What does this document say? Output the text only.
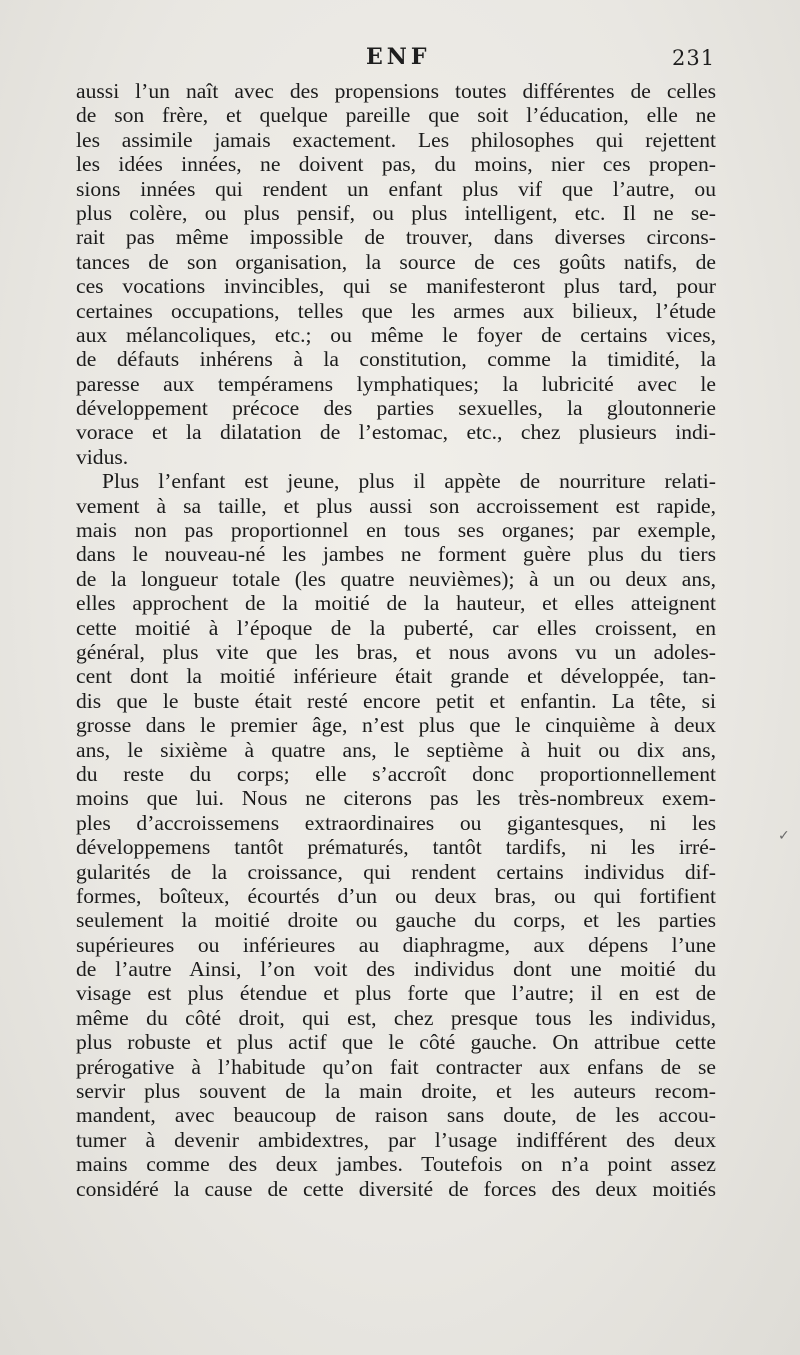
ENF	231
aussi l’un naît avec des propensions toutes différentes de celles
de son frère, et quelque pareille que soit l’éducation, elle ne
les assimile jamais exactement. Les philosophes qui rejettent
les idées innées, ne doivent pas, du moins, nier ces propen-
sions innées qui rendent un enfant plus vif que l’autre, ou
plus colère, ou plus pensif, ou plus intelligent, etc. Il ne se-
rait pas même impossible de trouver, dans diverses circons-
tances de son organisation, la source de ces goûts natifs, de
ces vocations invincibles, qui se manifesteront plus tard, pour
certaines occupations, telles que les armes aux bilieux, l’étude
aux mélancoliques, etc.; ou même le foyer de certains vices,
de défauts inhérens à la constitution, comme la timidité, la
paresse aux tempéramens lymphatiques; la lubricité avec le
développement précoce des parties sexuelles, la gloutonnerie
vorace et la dilatation de l’estomac, etc., chez plusieurs indi-
vidus.
Plus l’enfant est jeune, plus il appète de nourriture relati-
vement à sa taille, et plus aussi son accroissement est rapide,
mais non pas proportionnel en tous ses organes; par exemple,
dans le nouveau-né les jambes ne forment guère plus du tiers
de la longueur totale (les quatre neuvièmes); à un ou deux ans,
elles approchent de la moitié de la hauteur, et elles atteignent
cette moitié à l’époque de la puberté, car elles croissent, en
général, plus vite que les bras, et nous avons vu un adoles-
cent dont la moitié inférieure était grande et développée, tan-
dis que le buste était resté encore petit et enfantin. La tête, si
grosse dans le premier âge, n’est plus que le cinquième à deux
ans, le sixième à quatre ans, le septième à huit ou dix ans,
du reste du corps; elle s’accroît donc proportionnellement
moins que lui. Nous ne citerons pas les très-nombreux exem-
ples d’accroissemens extraordinaires ou gigantesques, ni les
développemens tantôt prématurés, tantôt tardifs, ni les irré-
gularités de la croissance, qui rendent certains individus dif-
formes, boîteux, écourtés d’un ou deux bras, ou qui fortifient
seulement la moitié droite ou gauche du corps, et les parties
supérieures ou inférieures au diaphragme, aux dépens l’une
de l’autre Ainsi, l’on voit des individus dont une moitié du
visage est plus étendue et plus forte que l’autre; il en est de
même du côté droit, qui est, chez presque tous les individus,
plus robuste et plus actif que le côté gauche. On attribue cette
prérogative à l’habitude qu’on fait contracter aux enfans de se
servir plus souvent de la main droite, et les auteurs recom-
mandent, avec beaucoup de raison sans doute, de les accou-
tumer à devenir ambidextres, par l’usage indifférent des deux
mains comme des deux jambes. Toutefois on n’a point assez
considéré la cause de cette diversité de forces des deux moitiés
✓
